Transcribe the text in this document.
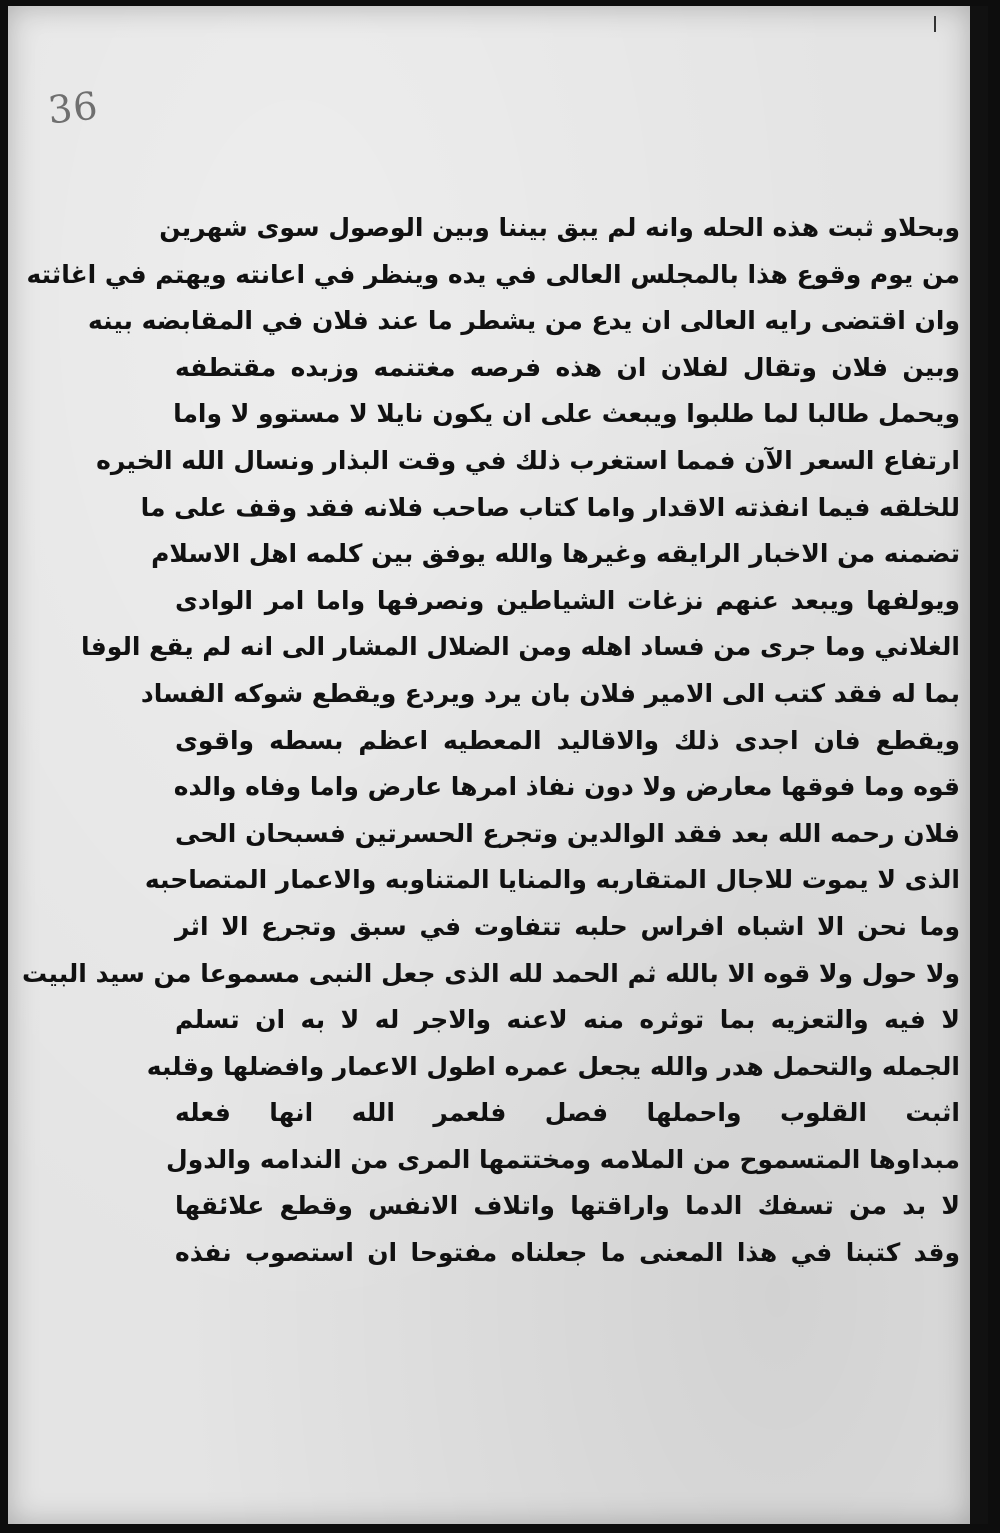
36
وبحلاو ثبت هذه الحله وانه لم يبق بيننا وبين الوصول سوى شهرين
من يوم وقوع هذا بالمجلس العالى في يده وينظر في اعانته ويهتم في اغاثته
وان اقتضى رايه العالى ان يدع من يشطر ما عند فلان في المقابضه بينه
وبين فلان وتقال لفلان ان هذه فرصه مغتنمه وزبده مقتطفه
ويحمل طالبا لما طلبوا ويبعث على ان يكون نايلا لا مستوو لا واما
ارتفاع السعر الآن فمما استغرب ذلك في وقت البذار ونسال الله الخيره
للخلقه فيما انفذته الاقدار واما كتاب صاحب فلانه فقد وقف على ما
تضمنه من الاخبار الرايقه وغيرها والله يوفق بين كلمه اهل الاسلام
ويولفها ويبعد عنهم نزغات الشياطين ونصرفها واما امر الوادى
الغلاني وما جرى من فساد اهله ومن الضلال المشار الى انه لم يقع الوفا
بما له فقد كتب الى الامير فلان بان يرد ويردع ويقطع شوكه الفساد
ويقطع فان اجدى ذلك والاقاليد المعطيه اعظم بسطه واقوى
قوه وما فوقها معارض ولا دون نفاذ امرها عارض واما وفاه والده
فلان رحمه الله بعد فقد الوالدين وتجرع الحسرتين فسبحان الحى
الذى لا يموت للاجال المتقاربه والمنايا المتناوبه والاعمار المتصاحبه
وما نحن الا اشباه افراس حلبه تتفاوت في سبق وتجرع الا اثر
ولا حول ولا قوه الا بالله ثم الحمد لله الذى جعل النبى مسموعا من سيد البيت
لا فيه والتعزيه بما توثره منه لاعنه والاجر له لا به ان تسلم
الجمله والتحمل هدر والله يجعل عمره اطول الاعمار وافضلها وقلبه
اثبت القلوب واحملها فصل فلعمر الله انها فعله
مبداوها المتسموح من الملامه ومختتمها المرى من الندامه والدول
لا بد من تسفك الدما واراقتها واتلاف الانفس وقطع علائقها
وقد كتبنا في هذا المعنى ما جعلناه مفتوحا ان استصوب نفذه
